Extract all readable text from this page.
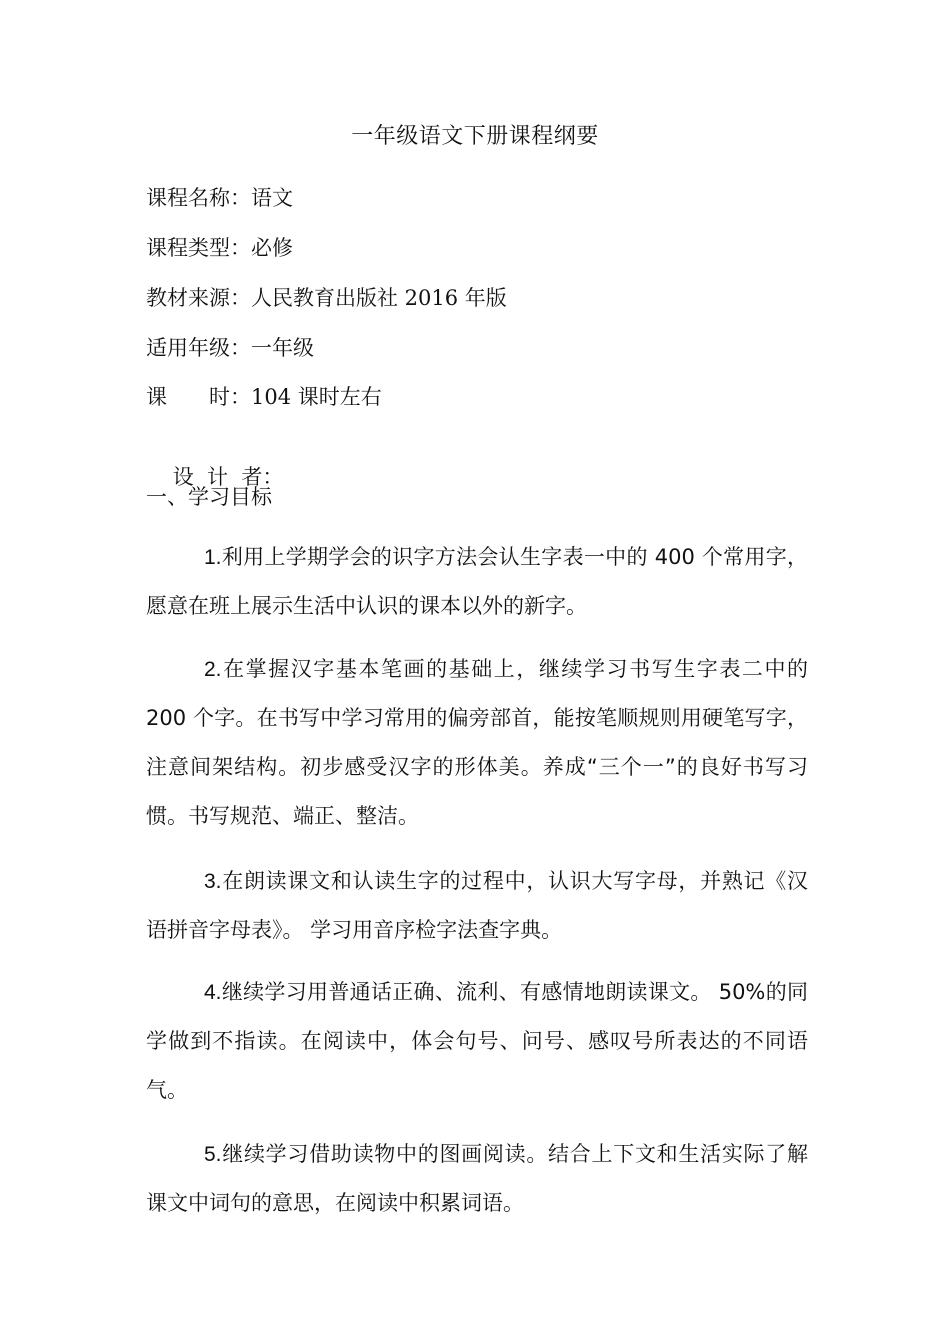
一年级语文下册课程纲要
课程名称：语文
课程类型：必修
教材来源：人民教育出版社 2016 年版
适用年级：一年级
课 时：104 课时左右

设  计  者：

一、学习目标

1.利用上学期学会的识字方法会认生字表一中的 400 个常用字，愿意在班上展示生活中认识的课本以外的新字。

2.在掌握汉字基本笔画的基础上，继续学习书写生字表二中的 200 个字。在书写中学习常用的偏旁部首，能按笔顺规则用硬笔写字，注意间架结构。初步感受汉字的形体美。养成“三个一”的良好书写习惯。书写规范、端正、整洁。

3.在朗读课文和认读生字的过程中，认识大写字母，并熟记《汉语拼音字母表》。 学习用音序检字法查字典。

4.继续学习用普通话正确、流利、有感情地朗读课文。 50%的同学做到不指读。在阅读中，体会句号、问号、感叹号所表达的不同语气。

5.继续学习借助读物中的图画阅读。结合上下文和生活实际了解课文中词句的意思，在阅读中积累词语。
